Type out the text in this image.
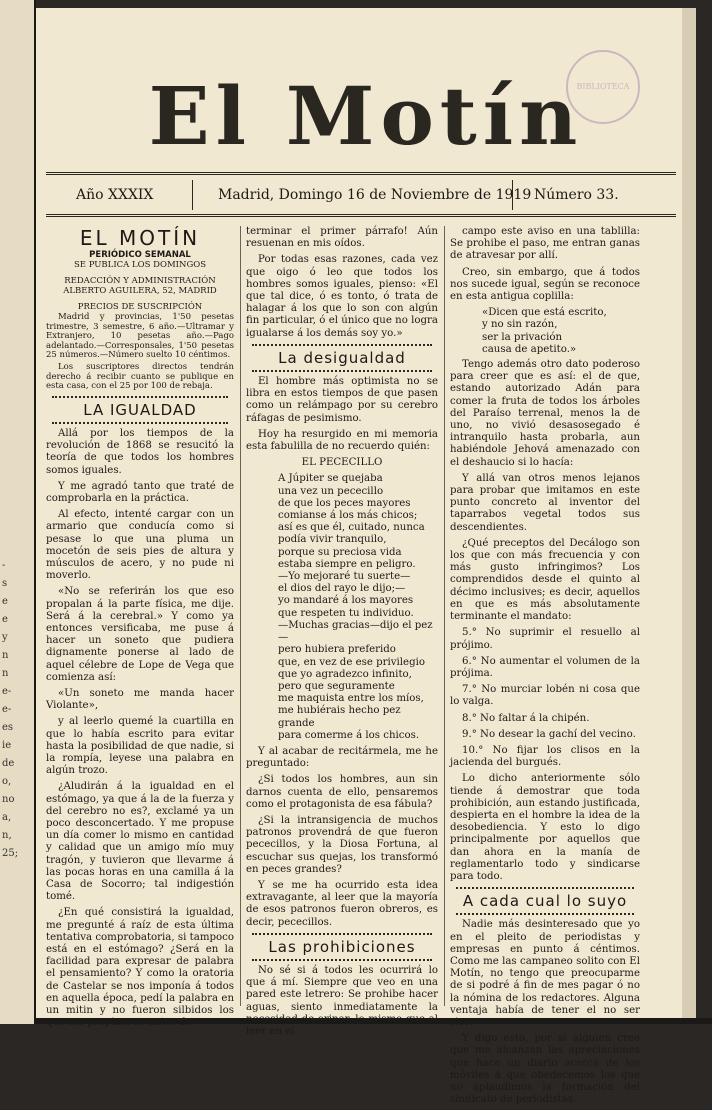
-
s
e
e
y
n
n
e-
e-
es
ie
de
o,
no
a,
n,
25;
BIBLIOTECA
El Motín
Año XXXIX	Madrid, Domingo 16 de Noviembre de 1919 Número 33.
EL MOTÍN
PERIÓDICO SEMANAL
SE PUBLICA LOS DOMINGOS
REDACCIÓN Y ADMINISTRACIÓN
ALBERTO AGUILERA, 52, MADRID
PRECIOS DE SUSCRIPCIÓN

Madrid y provincias, 1'50 pesetas trimestre, 3 semestre, 6 año.—Ultramar y Extranjero, 10 pesetas año.—Pago adelantado.—Corresponsales, 1'50 pesetas 25 números.—Número suelto 10 céntimos.

Los suscriptores directos tendrán derecho á recibir cuanto se publique en esta casa, con el 25 por 100 de rebaja.

LA IGUALDAD

Allá por los tiempos de la revolución de 1868 se resucitó la teoría de que todos los hombres somos iguales.

Y me agradó tanto que traté de comprobarla en la práctica.

Al efecto, intenté cargar con un armario que conducía como si pesase lo que una pluma un mocetón de seis pies de altura y músculos de acero, y no pude ni moverlo.

«No se referirán los que eso propalan á la parte física, me dije. Será á la cerebral.» Y como ya entonces versificaba, me puse á hacer un soneto que pudiera dignamente ponerse al lado de aquel célebre de Lope de Vega que comienza así:

«Un soneto me manda hacer Violante»,

y al leerlo quemé la cuartilla en que lo había escrito para evitar hasta la posibilidad de que nadie, si la rompía, leyese una palabra en algún trozo.

¿Aludirán á la igualdad en el estómago, ya que á la de la fuerza y del cerebro no es?, exclamé ya un poco desconcertado. Y me propuse un día comer lo mismo en cantidad y calidad que un amigo mío muy tragón, y tuvieron que llevarme á las pocas horas en una camilla á la Casa de Socorro; tal indigestión tomé.

¿En qué consistirá la igualdad, me pregunté á raíz de esta última tentativa comprobatoria, si tampoco está en el estómago? ¿Será en la facilidad para expresar de palabra el pensamiento? Y como la oratoria de Castelar se nos imponía á todos en aquella época, pedí la palabra en un mitin y no fueron silbidos los

terminar el primer párrafo! Aún resuenan en mis oídos.

Por todas esas razones, cada vez que oigo ó leo que todos los hombres somos iguales, pienso: «El que tal dice, ó es tonto, ó trata de halagar á los que lo son con algún fin particular, ó el único que no logra igualarse á los demás soy yo.»

La desigualdad

El hombre más optimista no se libra en estos tiempos de que pasen como un relámpago por su cerebro ráfagas de pesimismo.

Hoy ha resurgido en mi memoria esta fabulilla de no recuerdo quién:

EL PECECILLO

A Júpiter se quejaba

una vez un pececillo

de que los peces mayores

comianse á los más chicos;

así es que él, cuitado, nunca

podía vivir tranquilo,

porque su preciosa vida

estaba siempre en peligro.

—Yo mejoraré tu suerte—

el dios del rayo le dijo;—

yo mandaré á los mayores

que respeten tu individuo.

—Muchas gracias—dijo el pez—

pero hubiera preferido

que, en vez de ese privilegio

que yo agradezco infinito,

pero que seguramente

me maquista entre los míos,

me hubiérais hecho pez grande

para comerme á los chicos.

Y al acabar de recitármela, me he preguntado:

¿Si todos los hombres, aun sin darnos cuenta de ello, pensaremos como el protagonista de esa fábula?

¿Si la intransigencia de muchos patronos provendrá de que fueron pececillos, y la Diosa Fortuna, al escuchar sus quejas, los transformó en peces grandes?

Y se me ha ocurrido esta idea extravagante, al leer que la mayoría de esos patronos fueron obreros, es decir, pececillos.

Las prohibiciones

No sé si á todos les ocurrirá lo que á mí. Siempre que veo en una pared este letrero: Se prohibe hacer aguas, siento inmediatamente la leer en el

campo este aviso en una tablilla: Se prohibe el paso, me entran ganas de atravesar por allí.

Creo, sin embargo, que á todos nos sucede igual, según se reconoce en esta antigua coplilla:

«Dicen que está escrito,

y no sin razón,

ser la privación

causa de apetito.»

Tengo además otro dato poderoso para creer que es así: el de que, estando autorizado Adán para comer la fruta de todos los árboles del Paraíso terrenal, menos la de uno, no vivió desasosegado é intranquilo hasta probarla, aun habiéndole Jehová amenazado con el deshaucio si lo hacía:

Y allá van otros menos lejanos para probar que imitamos en este punto concreto al inventor del taparrabos vegetal todos sus descendientes.

¿Qué preceptos del Decálogo son los que con más frecuencia y con más gusto infringimos? Los comprendidos desde el quinto al décimo inclusives; es decir, aquellos en que es más absolutamente terminante el mandato:

5.° No suprimir el resuello al prójimo.

6.° No aumentar el volumen de la prójima.

7.° No murciar lobén ni cosa que lo valga.

8.° No faltar á la chipén.

9.° No desear la gachí del vecino.

10.° No fijar los clisos en la jacienda del burgués.

Lo dicho anteriormente sólo tiende á demostrar que toda prohibición, aun estando justificada, despierta en el hombre la idea de la desobediencia. Y esto lo digo principalmente por aquellos que dan ahora en la manía de reglamentarlo todo y sindicarse para todo.

A cada cual lo suyo

Nadie más desinteresado que yo en el pleito de periodistas y empresas en punto á céntimos. Como me las campaneo solito con El Motín, no tengo que preocuparme de si podré á fin de mes pagar ó no la nómina de los redactores. Alguna ventaja había de tener el no ser

Y digo esto, por si alguien cree que me alcanzan las apreciaciones que hace un diario acerca de los móviles á que obedecemos los que no aplaudimos la formación del sindicato de periodistas.
